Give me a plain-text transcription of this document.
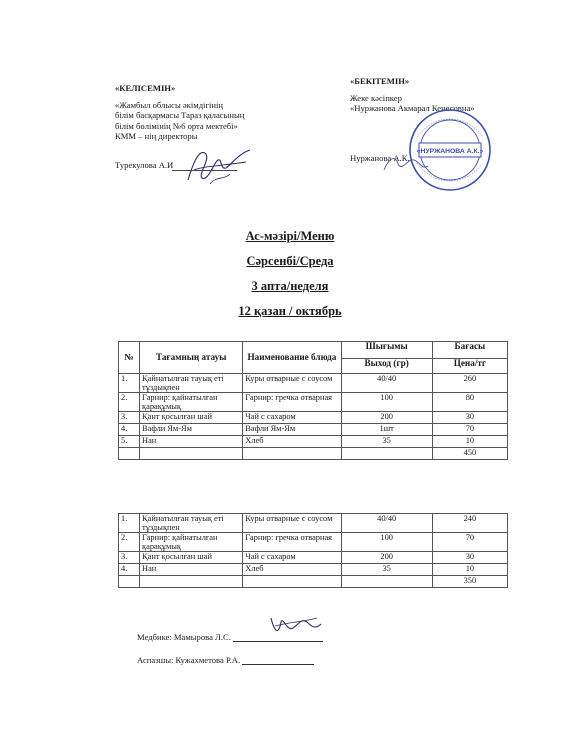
«КЕЛІСЕМІН»
«Жамбыл облысы әкімдігінің
білім басқармасы Тараз қаласының
білім бөлімінің №6 орта мектебі»
КММ – нің директоры
Турекулова А.И
«БЕКІТЕМІН»
Жеке кәсіпкер
«Нуржанова Акмарал Кенесовна»
Нуржанова А.К.
«НУРЖАНОВА А.К.»
Ас-мәзірі/Меню
Сәрсенбі/Среда
3 апта/неделя
12 қазан / октябрь
№	Тағамның атауы	Наименование блюда	Шығымы	Бағасы
			Выход (гр)	Цена/тг
1.	Қайнатылған тауық еті тұздықпен	Куры отварные с соусом	40/40	260
2.	Гарнир: қайнатылған қарақұмық	Гарнир: гречка отварная	100	80
3.	Қант қосылған шай	Чай с сахаром	200	30
4.	Вафли Ям-Ям	Вафли Ям-Ям	1шт	70
5.	Нан	Хлеб	35	10
				450
1.	Қайнатылған тауық еті тұздықпен	Куры отварные с соусом	40/40	240
2.	Гарнир: қайнатылған қарақұмық	Гарнир: гречка отварная	100	70
3.	Қант қосылған шай	Чай с сахаром	200	30
4.	Нан	Хлеб	35	10
				350
Медбике: Мамырова Л.С.
Аспазшы: Кужахметова Р.А.
